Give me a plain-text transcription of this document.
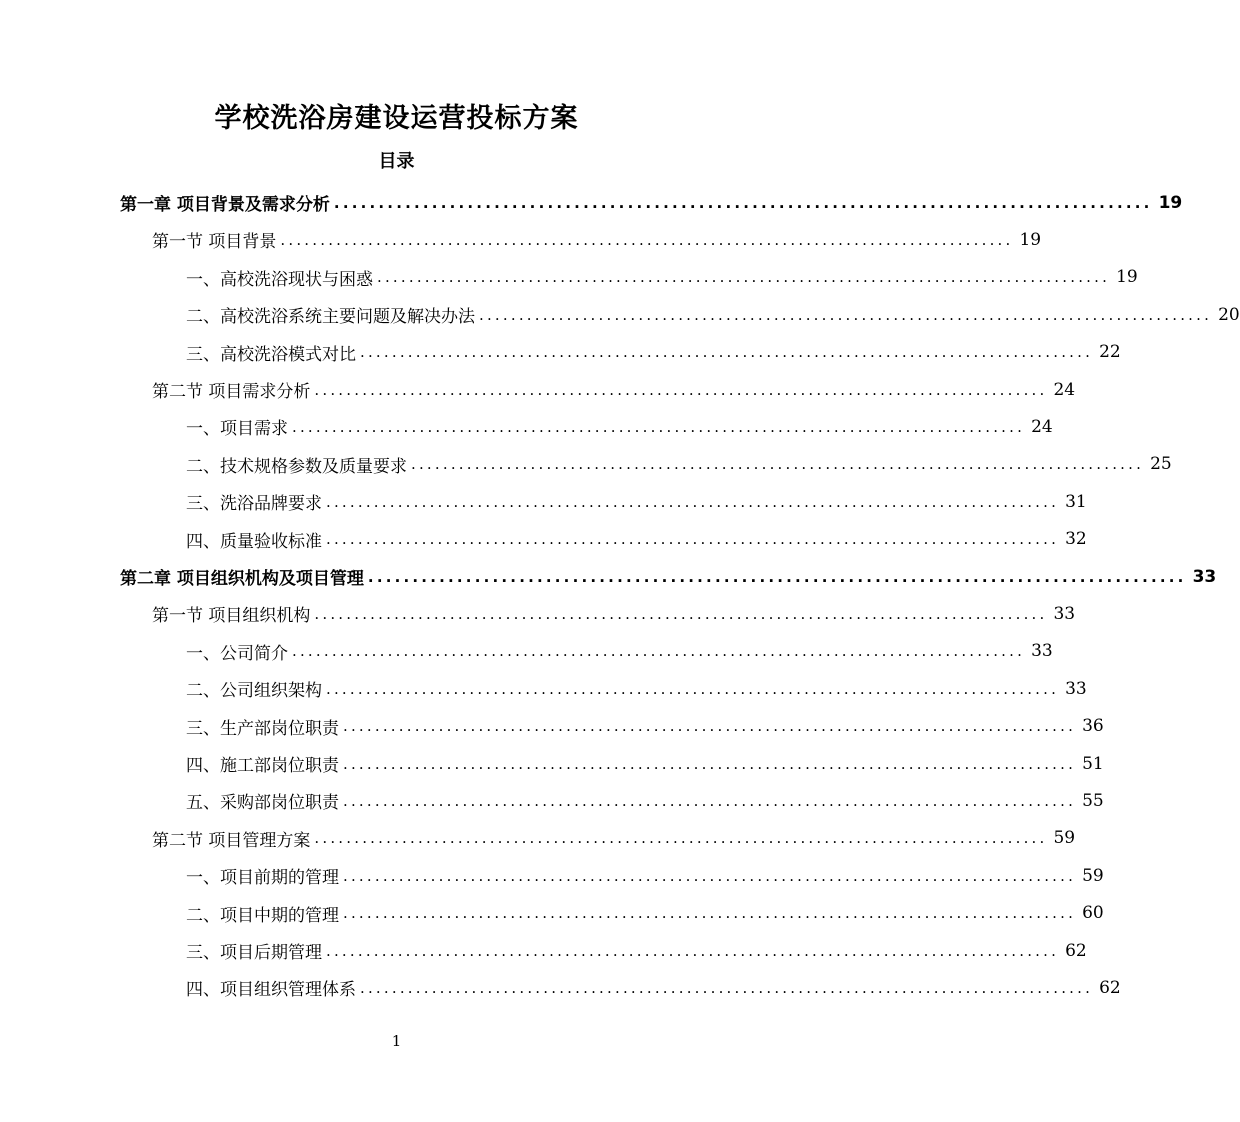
学校洗浴房建设运营投标方案
目录
第一章 项目背景及需求分析 ............................................................................................ 19
第一节 项目背景 ............................................................................................ 19
一、高校洗浴现状与困惑 ............................................................................................ 19
二、高校洗浴系统主要问题及解决办法 ............................................................................................ 20
三、高校洗浴模式对比 ............................................................................................ 22
第二节 项目需求分析 ............................................................................................ 24
一、项目需求 ............................................................................................ 24
二、技术规格参数及质量要求 ............................................................................................ 25
三、洗浴品牌要求 ............................................................................................ 31
四、质量验收标准 ............................................................................................ 32
第二章 项目组织机构及项目管理 ............................................................................................ 33
第一节 项目组织机构 ............................................................................................ 33
一、公司简介 ............................................................................................ 33
二、公司组织架构 ............................................................................................ 33
三、生产部岗位职责 ............................................................................................ 36
四、施工部岗位职责 ............................................................................................ 51
五、采购部岗位职责 ............................................................................................ 55
第二节 项目管理方案 ............................................................................................ 59
一、项目前期的管理 ............................................................................................ 59
二、项目中期的管理 ............................................................................................ 60
三、项目后期管理 ............................................................................................ 62
四、项目组织管理体系 ............................................................................................ 62
1
